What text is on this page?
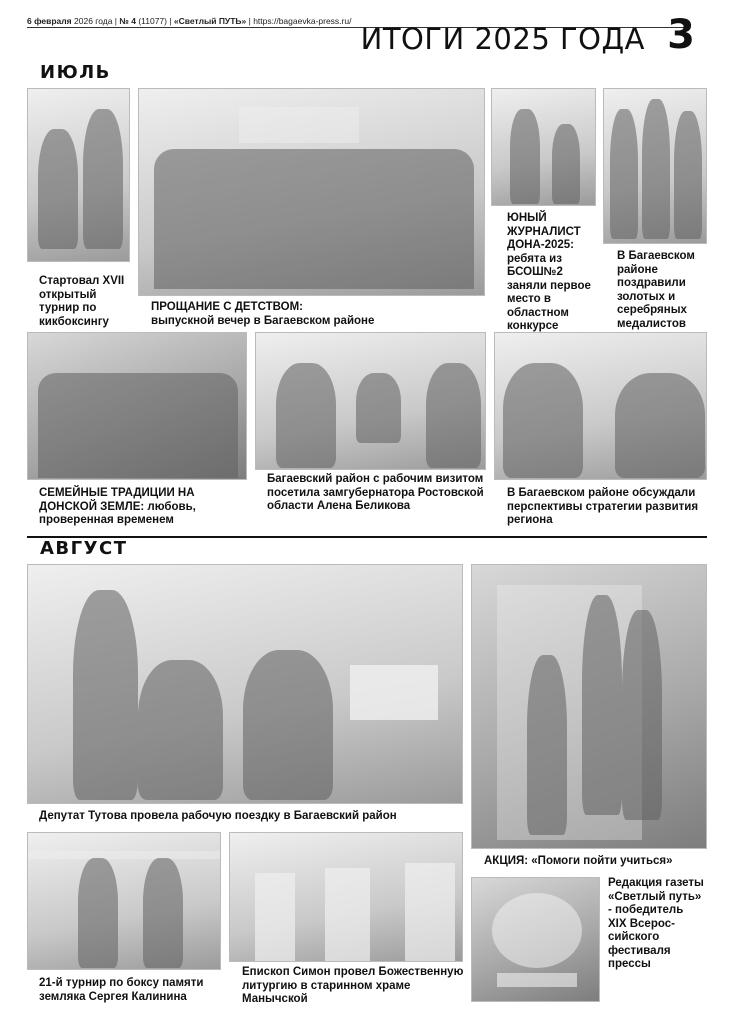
6 февраля 2026 года | № 4 (11077) | «Светлый ПУТЬ» | https://bagaevka-press.ru/
ИТОГИ 2025 ГОДА 3
ИЮЛЬ
Стартовал XVII открытый турнир по кикбоксингу
ПРОЩАНИЕ С ДЕТСТВОМ:
выпускной вечер в Багаевском районе
ЮНЫЙ ЖУРНАЛИСТ ДОНА-2025: ребята из БСОШ№2 заняли первое место в областном конкурсе
В Багаевском районе поздравили золотых и серебряных медалистов
СЕМЕЙНЫЕ ТРАДИЦИИ НА ДОНСКОЙ ЗЕМЛЕ: любовь, проверенная временем
Багаевский район с рабочим визитом посетила замгубернатора Ростовской области Алена Беликова
В Багаевском районе обсуждали перспективы стратегии развития региона
АВГУСТ
Депутат Тутова провела рабочую поездку в Багаевский район
АКЦИЯ: «Помоги пойти учиться»
21-й турнир по боксу памяти земляка Сергея Калинина
Епископ Симон провел Божественную литургию в старинном храме Манычской
Редакция газеты «Светлый путь» - победитель XIX Всерос-сийского фестиваля прессы
